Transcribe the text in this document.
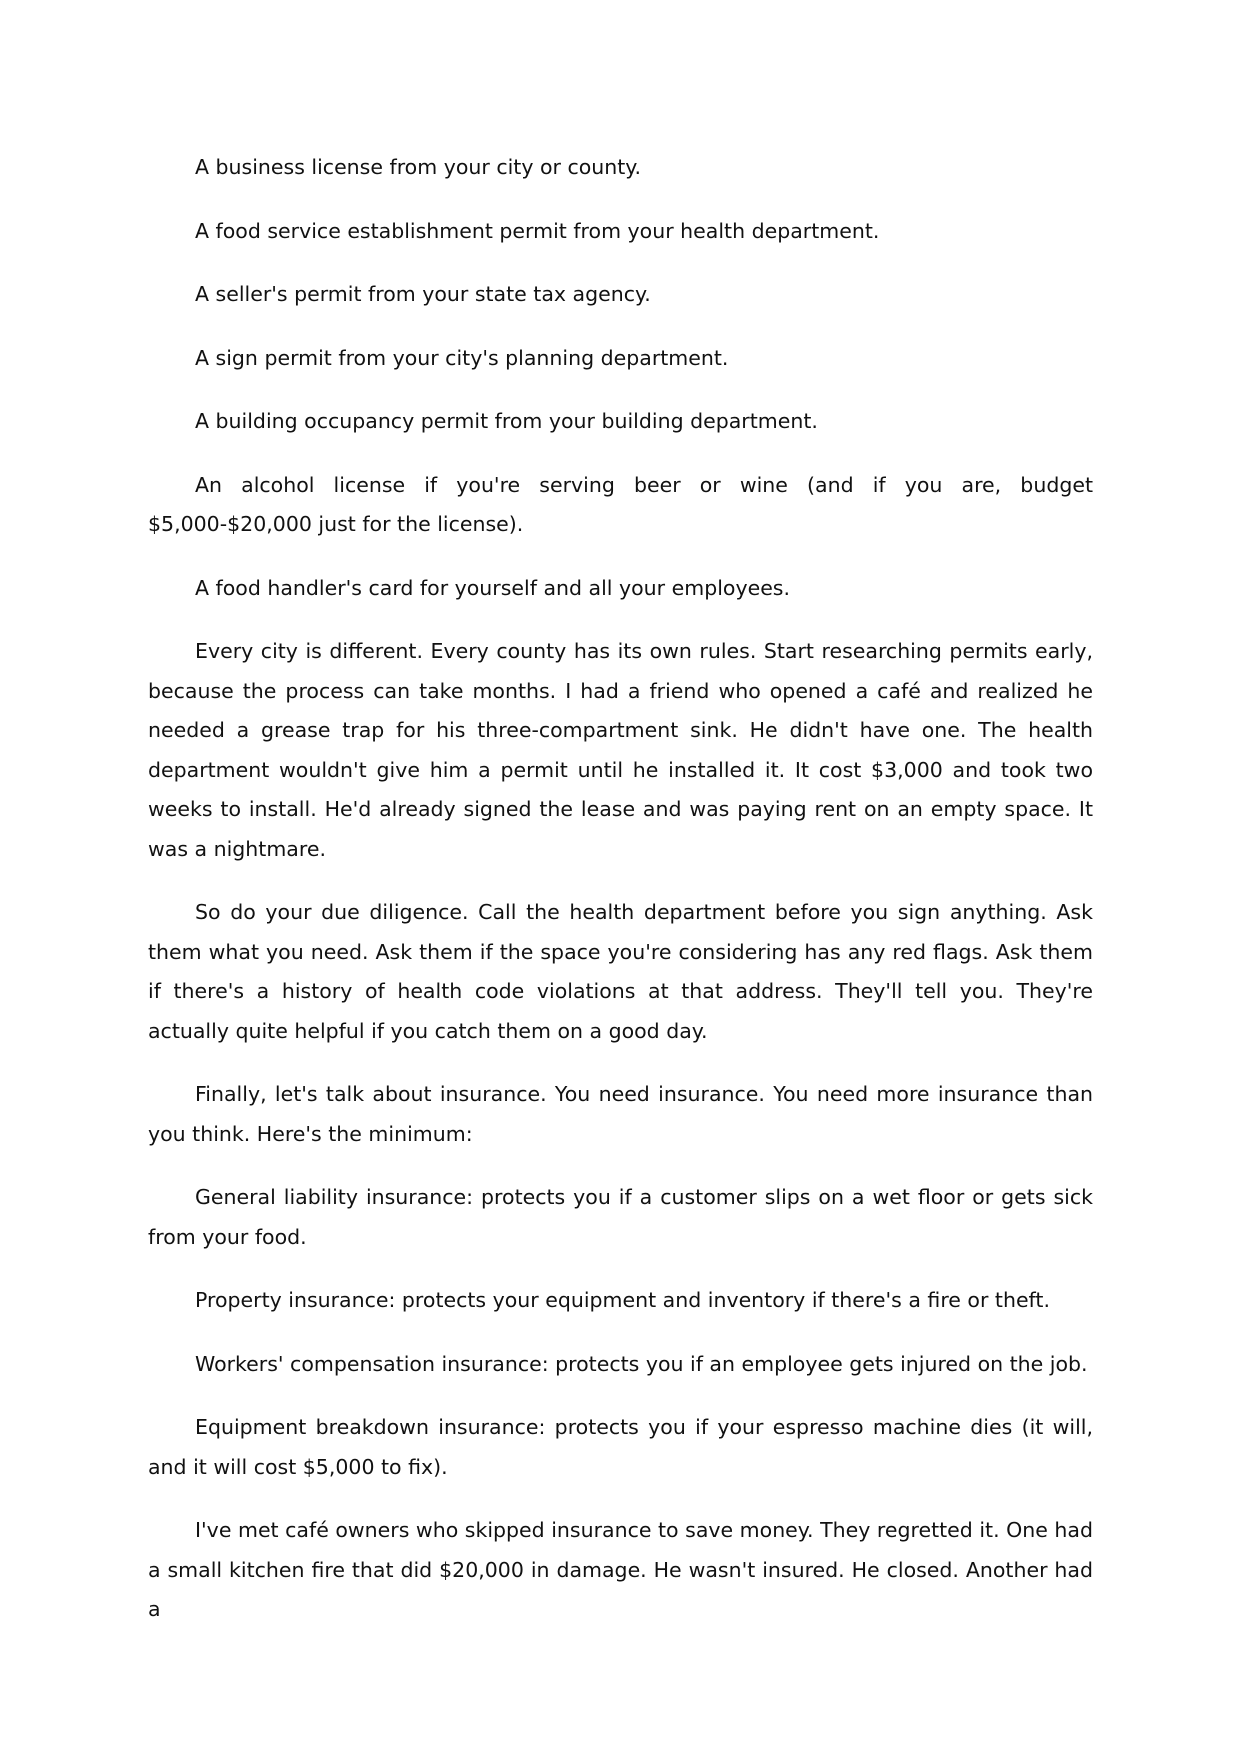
A business license from your city or county.

A food service establishment permit from your health department.

A seller's permit from your state tax agency.

A sign permit from your city's planning department.

A building occupancy permit from your building department.

An alcohol license if you're serving beer or wine (and if you are, budget $5,000-$20,000 just for the license).

A food handler's card for yourself and all your employees.

Every city is different. Every county has its own rules. Start researching permits early, because the process can take months. I had a friend who opened a café and realized he needed a grease trap for his three-compartment sink. He didn't have one. The health department wouldn't give him a permit until he installed it. It cost $3,000 and took two weeks to install. He'd already signed the lease and was paying rent on an empty space. It was a nightmare.

So do your due diligence. Call the health department before you sign anything. Ask them what you need. Ask them if the space you're considering has any red flags. Ask them if there's a history of health code violations at that address. They'll tell you. They're actually quite helpful if you catch them on a good day.

Finally, let's talk about insurance. You need insurance. You need more insurance than you think. Here's the minimum:

General liability insurance: protects you if a customer slips on a wet floor or gets sick from your food.

Property insurance: protects your equipment and inventory if there's a fire or theft.

Workers' compensation insurance: protects you if an employee gets injured on the job.

Equipment breakdown insurance: protects you if your espresso machine dies (it will, and it will cost $5,000 to fix).

I've met café owners who skipped insurance to save money. They regretted it. One had a small kitchen fire that did $20,000 in damage. He wasn't insured. He closed. Another had a
